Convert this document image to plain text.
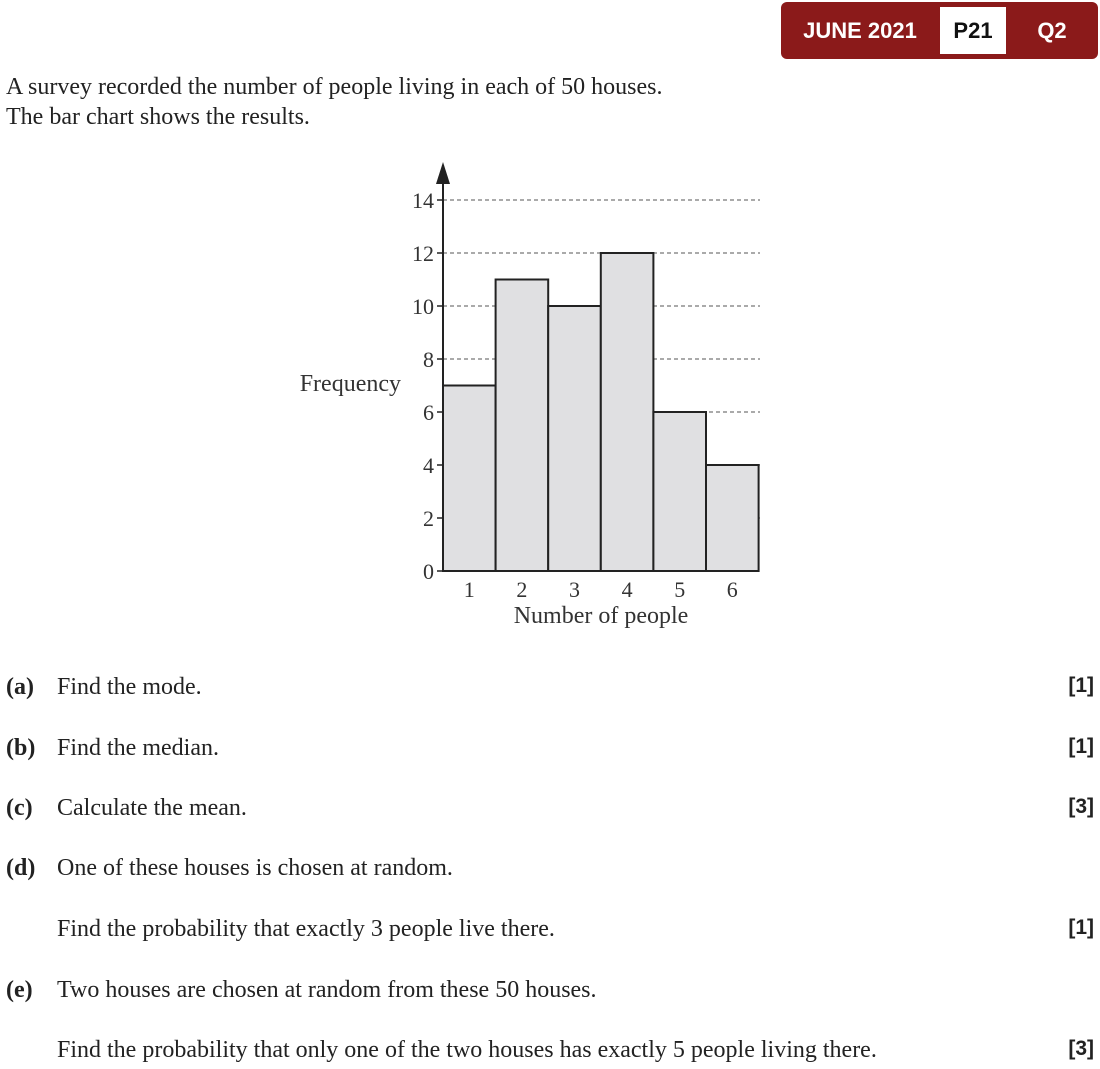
JUNE 2021	P21	Q2
A survey recorded the number of people living in each of 50 houses.
The bar chart shows the results.
0
2
4
6
8
10
12
14
1 2 3 4 5 6
Frequency
Number of people
(a) Find the mode.	[1]
(b) Find the median.	[1]
(c) Calculate the mean.	[3]
(d) One of these houses is chosen at random.
Find the probability that exactly 3 people live there.	[1]
(e) Two houses are chosen at random from these 50 houses.
Find the probability that only one of the two houses has exactly 5 people living there.	[3]
